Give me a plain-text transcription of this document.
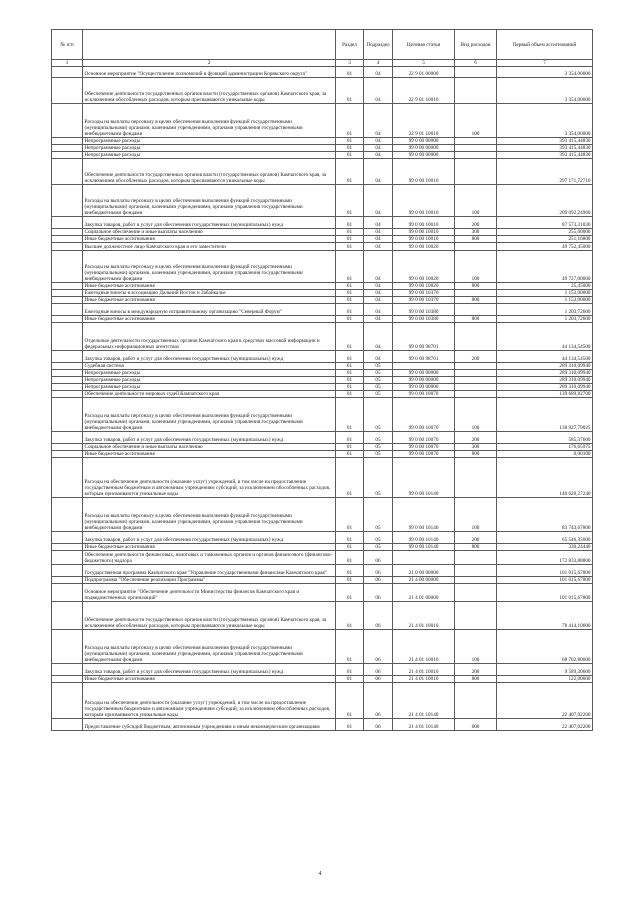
№ п/п		Раздел	Подраздел	Целевая статья	Вид расходов	Первый объем ассигнований
1	2	3	4	5	6	7
	Основное мероприятие "Осуществление полномочий в функций администрации Корякского округа"	01	04	22 9 01 00000		3 354,00000
	Обеспечение деятельности государственных органов власти (государственных органов) Камчатского края, за исключением обособленных расходов, которым присваиваются уникальные коды	01	04	22 9 01 10010		3 354,00000
	Расходы на выплаты персоналу в целях обеспечения выполнения функций государственными (муниципальными) органами, казенными учреждениями, органами управления государственными внебюджетными фондами	01	04	22 9 01 10010	100	3 354,00000
	Непрограммные расходы	01	04	99 0 00 00000		393 415,44830
	Непрограммные расходы	01	04	99 0 00 00000		393 415,44830
	Непрограммные расходы	01	04	99 0 00 00000		393 415,44830
	Обеспечение деятельности государственных органов власти (государственных органов) Камчатского края, за исключением обособленных расходов, которым присваиваются уникальные коды	01	04	99 0 00 10010		297 171,72710
	Расходы на выплаты персоналу в целях обеспечения выполнения функций государственными (муниципальными) органами, казенными учреждениями, органами управления государственными внебюджетными фондами	01	04	99 0 00 10010	100	209 092,24960
	Закупка товаров, работ и услуг для обеспечения государственных (муниципальных) нужд	01	04	99 0 00 10010	200	87 573,31030
	Социальное обеспечение и иные выплаты населению	01	04	99 0 00 10010	300	255,00000
	Иные бюджетные ассигнования	01	04	99 0 00 10010	800	251,16800
	Высшее должностное лицо Камчатского края и его заместители	01	04	99 0 00 10020		49 752,45000
	Расходы на выплаты персоналу в целях обеспечения выполнения функций государственными (муниципальными) органами, казенными учреждениями, органами управления государственными внебюджетными фондами	01	04	99 0 00 10020	100	49 727,00000
	Иные бюджетные ассигнования	01	04	99 0 00 10020	800	25,45000
	Ежегодные взносы в ассоциацию Дальний Восток и Забайкалье	01	04	99 0 00 10370		1 153,00000
	Иные бюджетные ассигнования	01	04	99 0 00 10370	800	1 153,00000
	Ежегодные взносы в международную исправительному организацию "Северный Форум"	01	04	99 0 00 10380		1 203,72600
	Иные бюджетные ассигнования	01	04	99 0 00 10380	800	1 203,72600
	Отдельные деятельности государственных органов Камчатского края в средствах массовой информации и федеральных информационных агентствах	01	04	99 0 00 98701		44 134,54500
	Закупка товаров, работ и услуг для обеспечения государственных (муниципальных) нужд	01	04	99 0 00 98701	200	44 134,54500
	Судебная система	01	05			289 310,09940
	Непрограммные расходы	01	05	99 0 00 00000		289 310,09940
	Непрограммные расходы	01	05	99 0 00 00000		289 310,09940
	Непрограммные расходы	01	05	99 0 00 00000		289 310,09940
	Обеспечение деятельности мировых судей Камчатского края	01	05	99 0 00 10070		139 689,82700
	Расходы на выплаты персоналу в целях обеспечения выполнения функций государственными (муниципальными) органами, казенными учреждениями, органами управления государственными внебюджетными фондами	01	05	99 0 00 10070	100	138 927,79025
	Закупка товаров, работ и услуг для обеспечения государственных (муниципальных) нужд	01	05	99 0 00 10070	200	585,37600
	Социальное обеспечение и иные выплаты населению	01	05	99 0 00 10070	300	176,65975
	Иные бюджетные ассигнования	01	05	99 0 00 10070	800	0,00100
	Расходы на обеспечение деятельности (оказание услуг) учреждений, в том числе на предоставление государственным бюджетным и автономным учреждениям субсидий, за исключением обособленных расходов, которым присваиваются уникальные коды	01	05	99 0 00 10140		140 620,27240
	Расходы на выплаты персоналу в целях обеспечения выполнения функций государственными (муниципальными) органами, казенными учреждениями, органами управления государственными внебюджетными фондами	01	05	99 0 00 10140	100	83 743,67800
	Закупка товаров, работ и услуг для обеспечения государственных (муниципальных) нужд	01	05	99 0 00 10140	200	65 546,35000
	Иные бюджетные ассигнования	01	05	99 0 00 10140	800	330,24440
	Обеспечение деятельности финансовых, налоговых и таможенных органов и органов финансового (финансово-бюджетного) надзора	01	06			172 833,88800
	Государственная программа Камчатского края "Управление государственными финансами Камчатского края"	01	06	21 0 00 00000		101 015,67800
	Подпрограмма "Обеспечение реализации Программы"	01	06	21 4 00 00000		101 015,67800
	Основное мероприятие "Обеспечение деятельности Министерства финансов Камчатского края и подведомственных организаций"	01	06	21 4 01 00000		101 015,67800
	Обеспечение деятельности государственных органов власти (государственных органов) Камчатского края, за исключением обособленных расходов, которым присваиваются уникальные коды	01	06	21 4 01 10010		78 414,10600
	Расходы на выплаты персоналу в целях обеспечения выполнения функций государственными (муниципальными) органами, казенными учреждениями, органами управления государственными внебюджетными фондами	01	06	21 4 01 10010	100	68 702,80000
	Закупка товаров, работ и услуг для обеспечения государственных (муниципальных) нужд	01	06	21 4 01 10010	200	9 589,30600
	Иные бюджетные ассигнования	01	06	21 4 01 10010	800	122,00000
	Расходы на обеспечение деятельности (оказание услуг) учреждений, в том числе на предоставление государственным бюджетным и автономным учреждениям субсидий, за исключением обособленных расходов, которым присваиваются уникальные коды	01	06	21 4 01 10140		22 407,02200
	Предоставление субсидий бюджетным, автономным учреждениям и иным некоммерческим организациям	01	06	21 4 01 10140	600	22 407,02200
4
